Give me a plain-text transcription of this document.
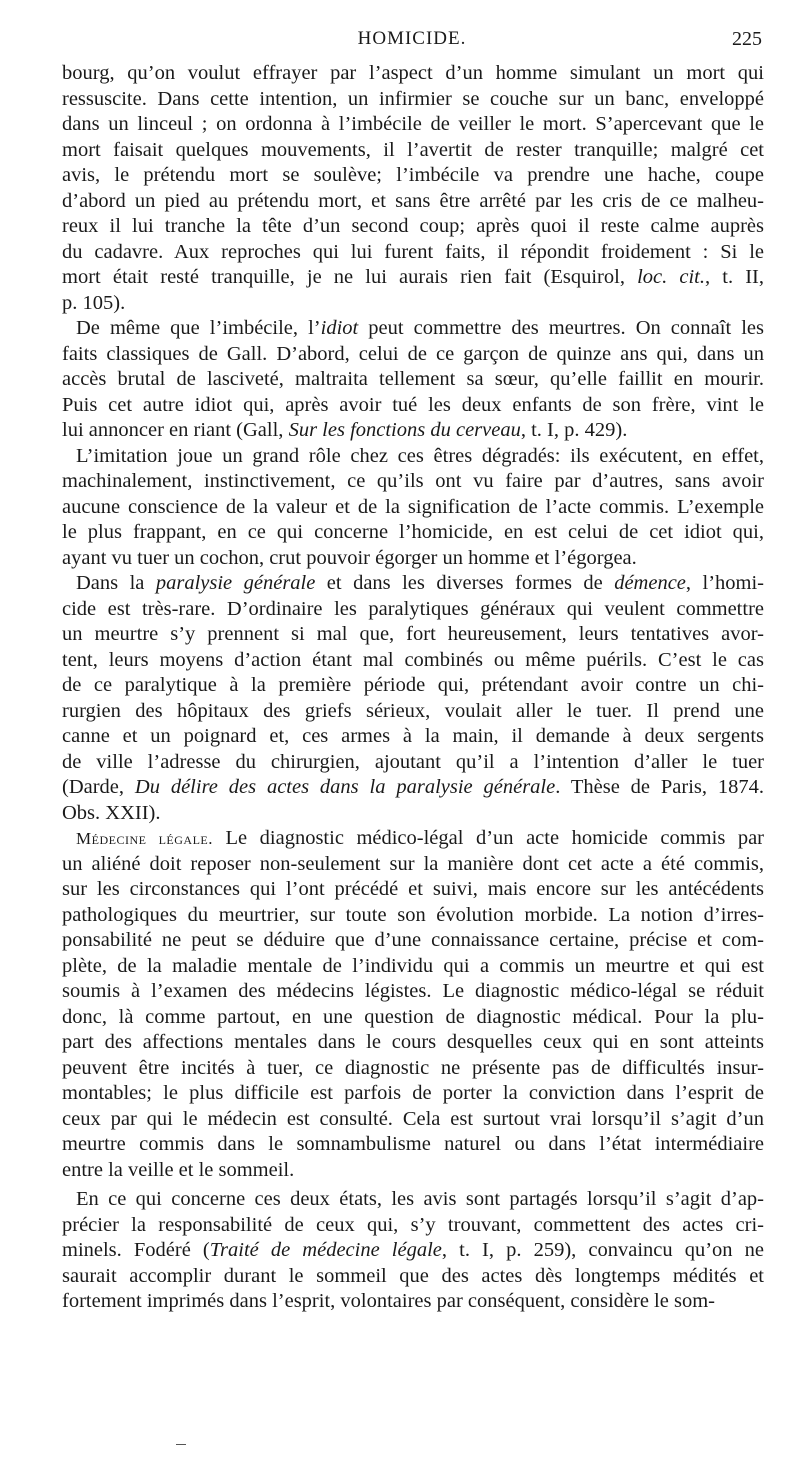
HOMICIDE.	225
bourg, qu’on voulut effrayer par l’aspect d’un homme simulant un mort qui
ressuscite. Dans cette intention, un infirmier se couche sur un banc, enveloppé
dans un linceul ; on ordonna à l’imbécile de veiller le mort. S’apercevant que le
mort faisait quelques mouvements, il l’avertit de rester tranquille; malgré cet
avis, le prétendu mort se soulève; l’imbécile va prendre une hache, coupe
d’abord un pied au prétendu mort, et sans être arrêté par les cris de ce malheu-
reux il lui tranche la tête d’un second coup; après quoi il reste calme auprès
du cadavre. Aux reproches qui lui furent faits, il répondit froidement : Si le
mort était resté tranquille, je ne lui aurais rien fait (Esquirol, loc. cit., t. II,
p. 105).
De même que l’imbécile, l’idiot peut commettre des meurtres. On connaît les
faits classiques de Gall. D’abord, celui de ce garçon de quinze ans qui, dans un
accès brutal de lasciveté, maltraita tellement sa sœur, qu’elle faillit en mourir.
Puis cet autre idiot qui, après avoir tué les deux enfants de son frère, vint le
lui annoncer en riant (Gall, Sur les fonctions du cerveau, t. I, p. 429).
L’imitation joue un grand rôle chez ces êtres dégradés: ils exécutent, en effet,
machinalement, instinctivement, ce qu’ils ont vu faire par d’autres, sans avoir
aucune conscience de la valeur et de la signification de l’acte commis. L’exemple
le plus frappant, en ce qui concerne l’homicide, en est celui de cet idiot qui,
ayant vu tuer un cochon, crut pouvoir égorger un homme et l’égorgea.
Dans la paralysie générale et dans les diverses formes de démence, l’homi-
cide est très-rare. D’ordinaire les paralytiques généraux qui veulent commettre
un meurtre s’y prennent si mal que, fort heureusement, leurs tentatives avor-
tent, leurs moyens d’action étant mal combinés ou même puérils. C’est le cas
de ce paralytique à la première période qui, prétendant avoir contre un chi-
rurgien des hôpitaux des griefs sérieux, voulait aller le tuer. Il prend une
canne et un poignard et, ces armes à la main, il demande à deux sergents
de ville l’adresse du chirurgien, ajoutant qu’il a l’intention d’aller le tuer
(Darde, Du délire des actes dans la paralysie générale. Thèse de Paris, 1874.
Obs. XXII).
Médecine légale. Le diagnostic médico-légal d’un acte homicide commis par
un aliéné doit reposer non-seulement sur la manière dont cet acte a été commis,
sur les circonstances qui l’ont précédé et suivi, mais encore sur les antécédents
pathologiques du meurtrier, sur toute son évolution morbide. La notion d’irres-
ponsabilité ne peut se déduire que d’une connaissance certaine, précise et com-
plète, de la maladie mentale de l’individu qui a commis un meurtre et qui est
soumis à l’examen des médecins légistes. Le diagnostic médico-légal se réduit
donc, là comme partout, en une question de diagnostic médical. Pour la plu-
part des affections mentales dans le cours desquelles ceux qui en sont atteints
peuvent être incités à tuer, ce diagnostic ne présente pas de difficultés insur-
montables; le plus difficile est parfois de porter la conviction dans l’esprit de
ceux par qui le médecin est consulté. Cela est surtout vrai lorsqu’il s’agit d’un
meurtre commis dans le somnambulisme naturel ou dans l’état intermédiaire
entre la veille et le sommeil.
En ce qui concerne ces deux états, les avis sont partagés lorsqu’il s’agit d’ap-
précier la responsabilité de ceux qui, s’y trouvant, commettent des actes cri-
minels. Fodéré (Traité de médecine légale, t. I, p. 259), convaincu qu’on ne
saurait accomplir durant le sommeil que des actes dès longtemps médités et
fortement imprimés dans l’esprit, volontaires par conséquent, considère le som-
